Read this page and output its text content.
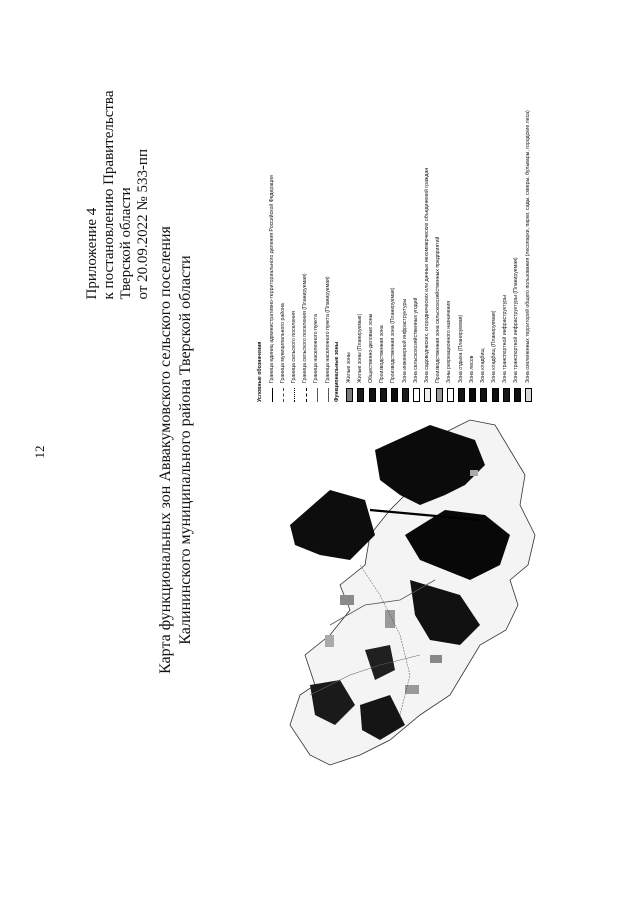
12
Приложение 4 к постановлению Правительства Тверской области от 20.09.2022 № 533-пп
Карта функциональных зон Аввакумовского сельского поселения Калининского муниципального района Тверской области	Условные обозначения Граница единиц административно-территориального деления Российской Федерации Граница муниципального района Граница сельского поселения Граница сельского поселения (Планируемая) Граница населенного пункта Граница населенного пункта (Планируемая) Функциональные зоны Жилые зоны Жилые зоны (Планируемые) Общественно-деловые зоны Производственная зона Производственная зона (Планируемая) Зона инженерной инфраструктуры Зона сельскохозяйственных угодий Зона садоводческих, огороднических или дачных некоммерческих объединений граждан Производственная зона сельскохозяйственных предприятий Зоны рекреационного назначения Зона отдыха (Планируемая) Зона лесов Зона кладбищ Зона кладбищ (Планируемая) Зона транспортной инфраструктуры Зона транспортной инфраструктуры (Планируемая) Зона озелененных территорий общего пользования (лесопарки, парки, сады, скверы, бульвары, городские леса)
